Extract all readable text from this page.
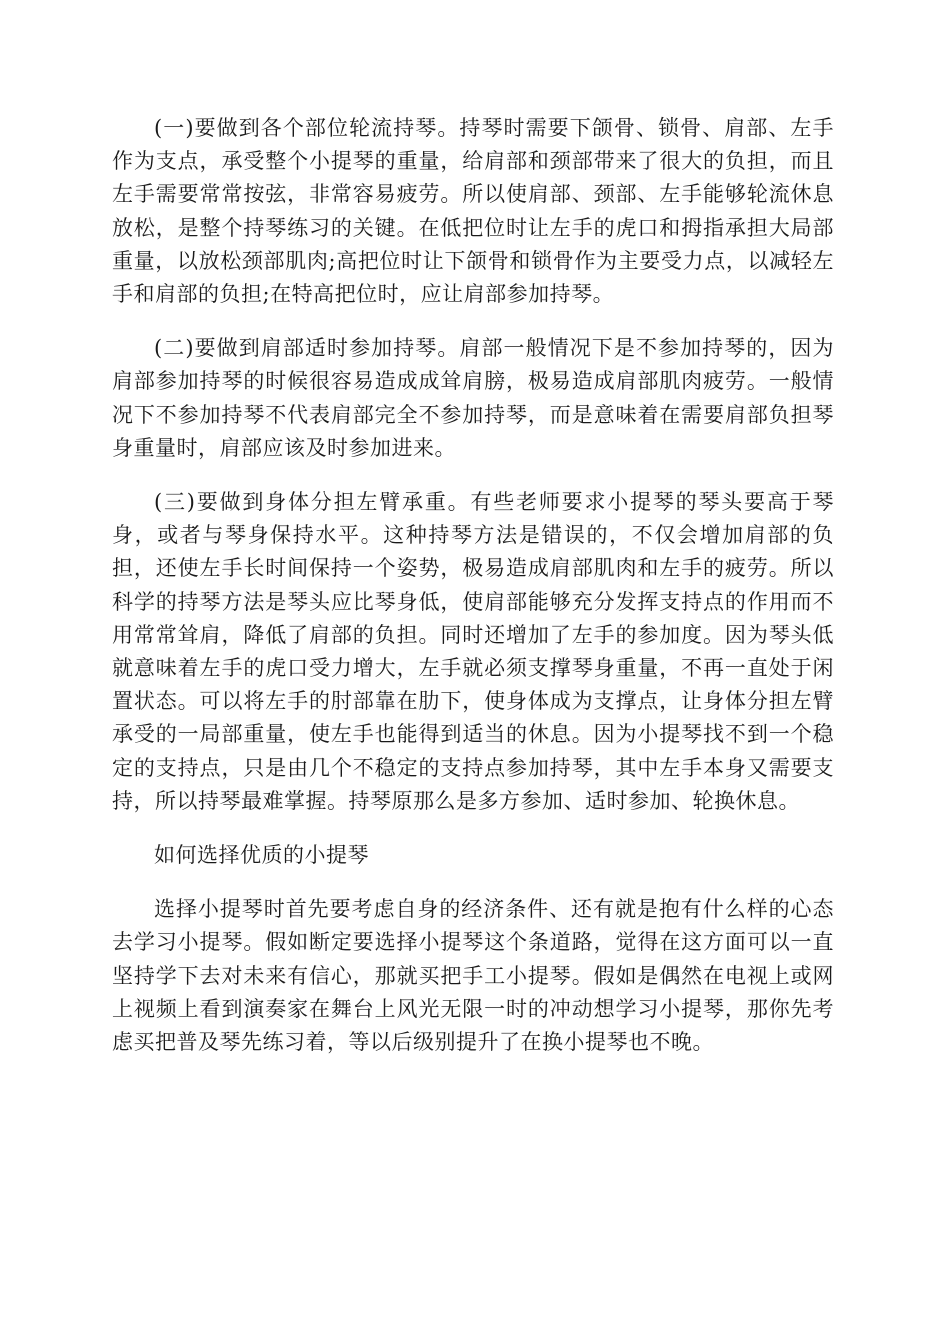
(一)要做到各个部位轮流持琴。持琴时需要下颌骨、锁骨、肩部、左手作为支点，承受整个小提琴的重量，给肩部和颈部带来了很大的负担，而且左手需要常常按弦，非常容易疲劳。所以使肩部、颈部、左手能够轮流休息放松，是整个持琴练习的关键。在低把位时让左手的虎口和拇指承担大局部重量，以放松颈部肌肉;高把位时让下颌骨和锁骨作为主要受力点，以减轻左手和肩部的负担;在特高把位时，应让肩部参加持琴。

(二)要做到肩部适时参加持琴。肩部一般情况下是不参加持琴的，因为肩部参加持琴的时候很容易造成成耸肩膀，极易造成肩部肌肉疲劳。一般情况下不参加持琴不代表肩部完全不参加持琴，而是意味着在需要肩部负担琴身重量时，肩部应该及时参加进来。

(三)要做到身体分担左臂承重。有些老师要求小提琴的琴头要高于琴身，或者与琴身保持水平。这种持琴方法是错误的，不仅会增加肩部的负担，还使左手长时间保持一个姿势，极易造成肩部肌肉和左手的疲劳。所以科学的持琴方法是琴头应比琴身低，使肩部能够充分发挥支持点的作用而不用常常耸肩，降低了肩部的负担。同时还增加了左手的参加度。因为琴头低就意味着左手的虎口受力增大，左手就必须支撑琴身重量，不再一直处于闲置状态。可以将左手的肘部靠在肋下，使身体成为支撑点，让身体分担左臂承受的一局部重量，使左手也能得到适当的休息。因为小提琴找不到一个稳定的支持点，只是由几个不稳定的支持点参加持琴，其中左手本身又需要支持，所以持琴最难掌握。持琴原那么是多方参加、适时参加、轮换休息。

如何选择优质的小提琴

选择小提琴时首先要考虑自身的经济条件、还有就是抱有什么样的心态去学习小提琴。假如断定要选择小提琴这个条道路，觉得在这方面可以一直坚持学下去对未来有信心，那就买把手工小提琴。假如是偶然在电视上或网上视频上看到演奏家在舞台上风光无限一时的冲动想学习小提琴，那你先考虑买把普及琴先练习着，等以后级别提升了在换小提琴也不晚。
